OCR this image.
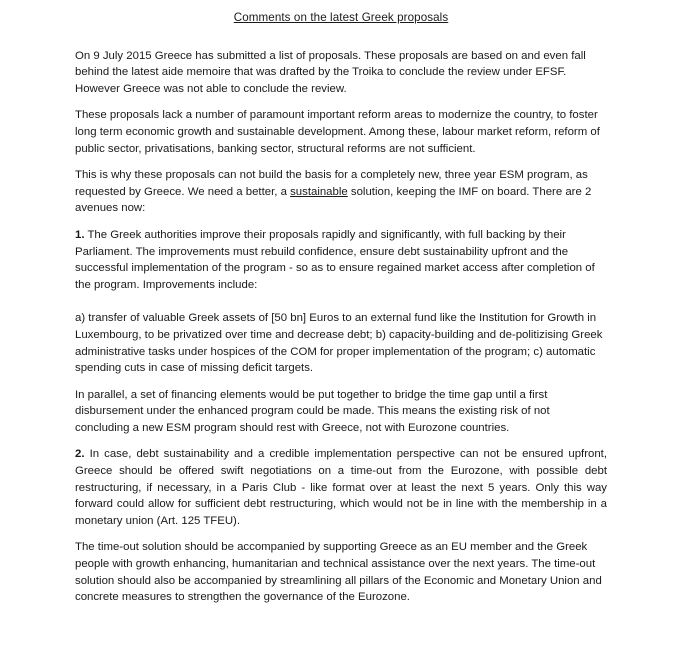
Comments on the latest Greek proposals

On 9 July 2015 Greece has submitted a list of proposals. These proposals are based on and even fall behind the latest aide memoire that was drafted by the Troika to conclude the review under EFSF. However Greece was not able to conclude the review.

These proposals lack a number of paramount important reform areas to modernize the country, to foster long term economic growth and sustainable development. Among these, labour market reform, reform of public sector, privatisations, banking sector, structural reforms are not sufficient.

This is why these proposals can not build the basis for a completely new, three year ESM program, as requested by Greece. We need a better, a sustainable solution, keeping the IMF on board. There are 2 avenues now:

1. The Greek authorities improve their proposals rapidly and significantly, with full backing by their Parliament. The improvements must rebuild confidence, ensure debt sustainability upfront and the successful implementation of the program - so as to ensure regained market access after completion of the program. Improvements include:

a) transfer of valuable Greek assets of [50 bn] Euros to an external fund like the Institution for Growth in Luxembourg, to be privatized over time and decrease debt; b) capacity-building and de-politizising Greek administrative tasks under hospices of the COM for proper implementation of the program; c) automatic spending cuts in case of missing deficit targets.

In parallel, a set of financing elements would be put together to bridge the time gap until a first disbursement under the enhanced program could be made. This means the existing risk of not concluding a new ESM program should rest with Greece, not with Eurozone countries.

2. In case, debt sustainability and a credible implementation perspective can not be ensured upfront, Greece should be offered swift negotiations on a time-out from the Eurozone, with possible debt restructuring, if necessary, in a Paris Club - like format over at least the next 5 years. Only this way forward could allow for sufficient debt restructuring, which would not be in line with the membership in a monetary union (Art. 125 TFEU).

The time-out solution should be accompanied by supporting Greece as an EU member and the Greek people with growth enhancing, humanitarian and technical assistance over the next years. The time-out solution should also be accompanied by streamlining all pillars of the Economic and Monetary Union and concrete measures to strengthen the governance of the Eurozone.
